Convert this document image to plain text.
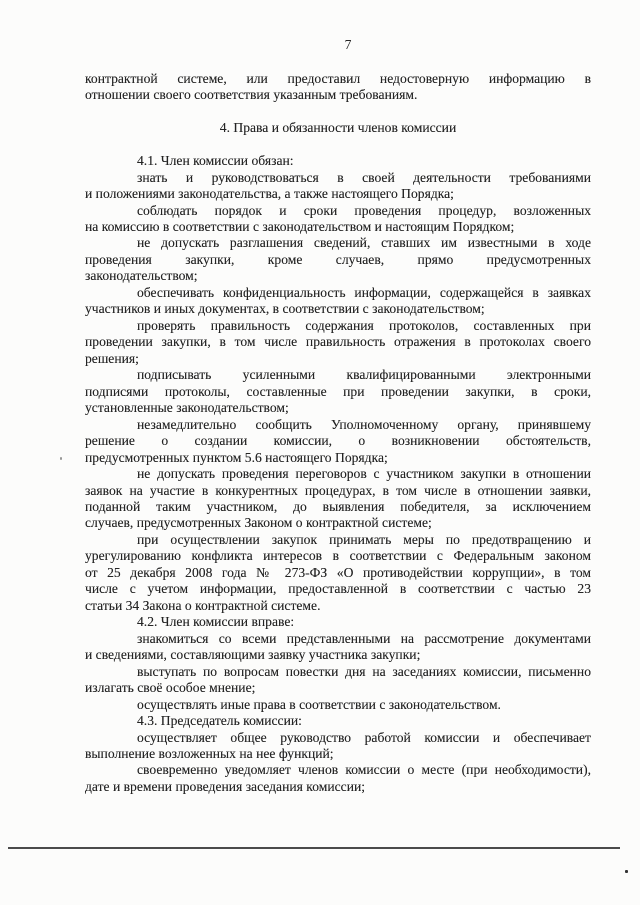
7
контрактной системе, или предоставил недостоверную информацию в
отношении своего соответствия указанным требованиям.
4. Права и обязанности членов комиссии
4.1. Член комиссии обязан:
знать и руководствоваться в своей деятельности требованиями
и положениями законодательства, а также настоящего Порядка;
соблюдать порядок и сроки проведения процедур, возложенных
на комиссию в соответствии с законодательством и настоящим Порядком;
не допускать разглашения сведений, ставших им известными в ходе
проведения закупки, кроме случаев, прямо предусмотренных
законодательством;
обеспечивать конфиденциальность информации, содержащейся в заявках
участников и иных документах, в соответствии с законодательством;
проверять правильность содержания протоколов, составленных при
проведении закупки, в том числе правильность отражения в протоколах своего
решения;
подписывать усиленными квалифицированными электронными
подписями протоколы, составленные при проведении закупки, в сроки,
установленные законодательством;
незамедлительно сообщить Уполномоченному органу, принявшему
решение о создании комиссии, о возникновении обстоятельств,
предусмотренных пунктом 5.6 настоящего Порядка;
не допускать проведения переговоров с участником закупки в отношении
заявок на участие в конкурентных процедурах, в том числе в отношении заявки,
поданной таким участником, до выявления победителя, за исключением
случаев, предусмотренных Законом о контрактной системе;
при осуществлении закупок принимать меры по предотвращению и
урегулированию конфликта интересов в соответствии с Федеральным законом
от 25 декабря 2008 года № 273-ФЗ «О противодействии коррупции», в том
числе с учетом информации, предоставленной в соответствии с частью 23
статьи 34 Закона о контрактной системе.
4.2. Член комиссии вправе:
знакомиться со всеми представленными на рассмотрение документами
и сведениями, составляющими заявку участника закупки;
выступать по вопросам повестки дня на заседаниях комиссии, письменно
излагать своё особое мнение;
осуществлять иные права в соответствии с законодательством.
4.3. Председатель комиссии:
осуществляет общее руководство работой комиссии и обеспечивает
выполнение возложенных на нее функций;
своевременно уведомляет членов комиссии о месте (при необходимости),
дате и времени проведения заседания комиссии;
